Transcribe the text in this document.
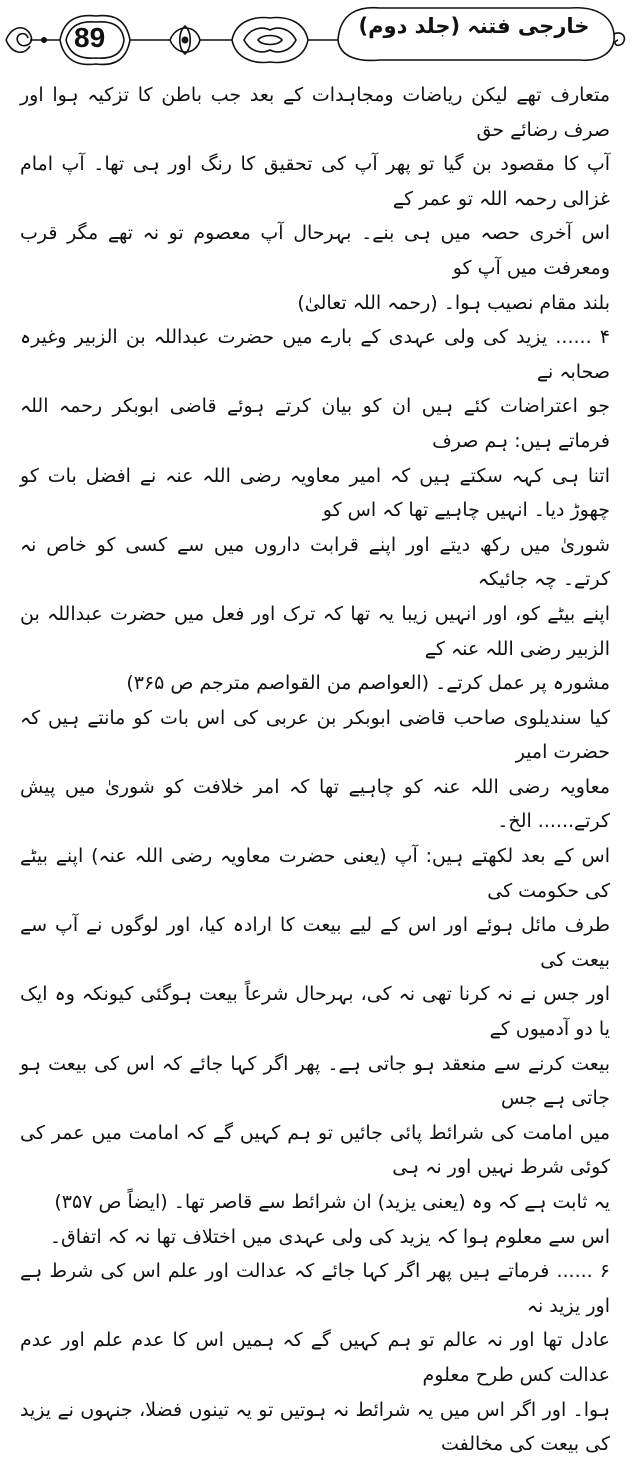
89	خارجی فتنہ (جلد دوم)

متعارف تھے لیکن ریاضات ومجاہدات کے بعد جب باطن کا تزکیہ ہوا اور صرف رضائے حق

آپ کا مقصود بن گیا تو پھر آپ کی تحقیق کا رنگ اور ہی تھا۔ آپ امام غزالی رحمہ اللہ تو عمر کے

اس آخری حصہ میں ہی بنے۔ بہرحال آپ معصوم تو نہ تھے مگر قرب ومعرفت میں آپ کو

بلند مقام نصیب ہوا۔ (رحمہ اللہ تعالیٰ)

۴ ...... یزید کی ولی عہدی کے بارے میں حضرت عبداللہ بن الزبیر وغیرہ صحابہ نے

جو اعتراضات کئے ہیں ان کو بیان کرتے ہوئے قاضی ابوبکر رحمہ اللہ فرماتے ہیں: ہم صرف

اتنا ہی کہہ سکتے ہیں کہ امیر معاویہ رضی اللہ عنہ نے افضل بات کو چھوڑ دیا۔ انہیں چاہیے تھا کہ اس کو

شوریٰ میں رکھ دیتے اور اپنے قرابت داروں میں سے کسی کو خاص نہ کرتے۔ چہ جائیکہ

اپنے بیٹے کو، اور انہیں زیبا یہ تھا کہ ترک اور فعل میں حضرت عبداللہ بن الزبیر رضی اللہ عنہ کے

مشورہ پر عمل کرتے۔ (العواصم من القواصم مترجم ص ۳۶۵)

کیا سندیلوی صاحب قاضی ابوبکر بن عربی کی اس بات کو مانتے ہیں کہ حضرت امیر

معاویہ رضی اللہ عنہ کو چاہیے تھا کہ امر خلافت کو شوریٰ میں پیش کرتے...... الخ۔

اس کے بعد لکھتے ہیں: آپ (یعنی حضرت معاویہ رضی اللہ عنہ) اپنے بیٹے کی حکومت کی

طرف مائل ہوئے اور اس کے لیے بیعت کا ارادہ کیا، اور لوگوں نے آپ سے بیعت کی

اور جس نے نہ کرنا تھی نہ کی، بہرحال شرعاً بیعت ہوگئی کیونکہ وہ ایک یا دو آدمیوں کے

بیعت کرنے سے منعقد ہو جاتی ہے۔ پھر اگر کہا جائے کہ اس کی بیعت ہو جاتی ہے جس

میں امامت کی شرائط پائی جائیں تو ہم کہیں گے کہ امامت میں عمر کی کوئی شرط نہیں اور نہ ہی

یہ ثابت ہے کہ وہ (یعنی یزید) ان شرائط سے قاصر تھا۔ (ایضاً ص ۳۵۷)

اس سے معلوم ہوا کہ یزید کی ولی عہدی میں اختلاف تھا نہ کہ اتفاق۔

۶ ...... فرماتے ہیں پھر اگر کہا جائے کہ عدالت اور علم اس کی شرط ہے اور یزید نہ

عادل تھا اور نہ عالم تو ہم کہیں گے کہ ہمیں اس کا عدم علم اور عدم عدالت کس طرح معلوم

ہوا۔ اور اگر اس میں یہ شرائط نہ ہوتیں تو یہ تینوں فضلا، جنہوں نے یزید کی بیعت کی مخالفت
